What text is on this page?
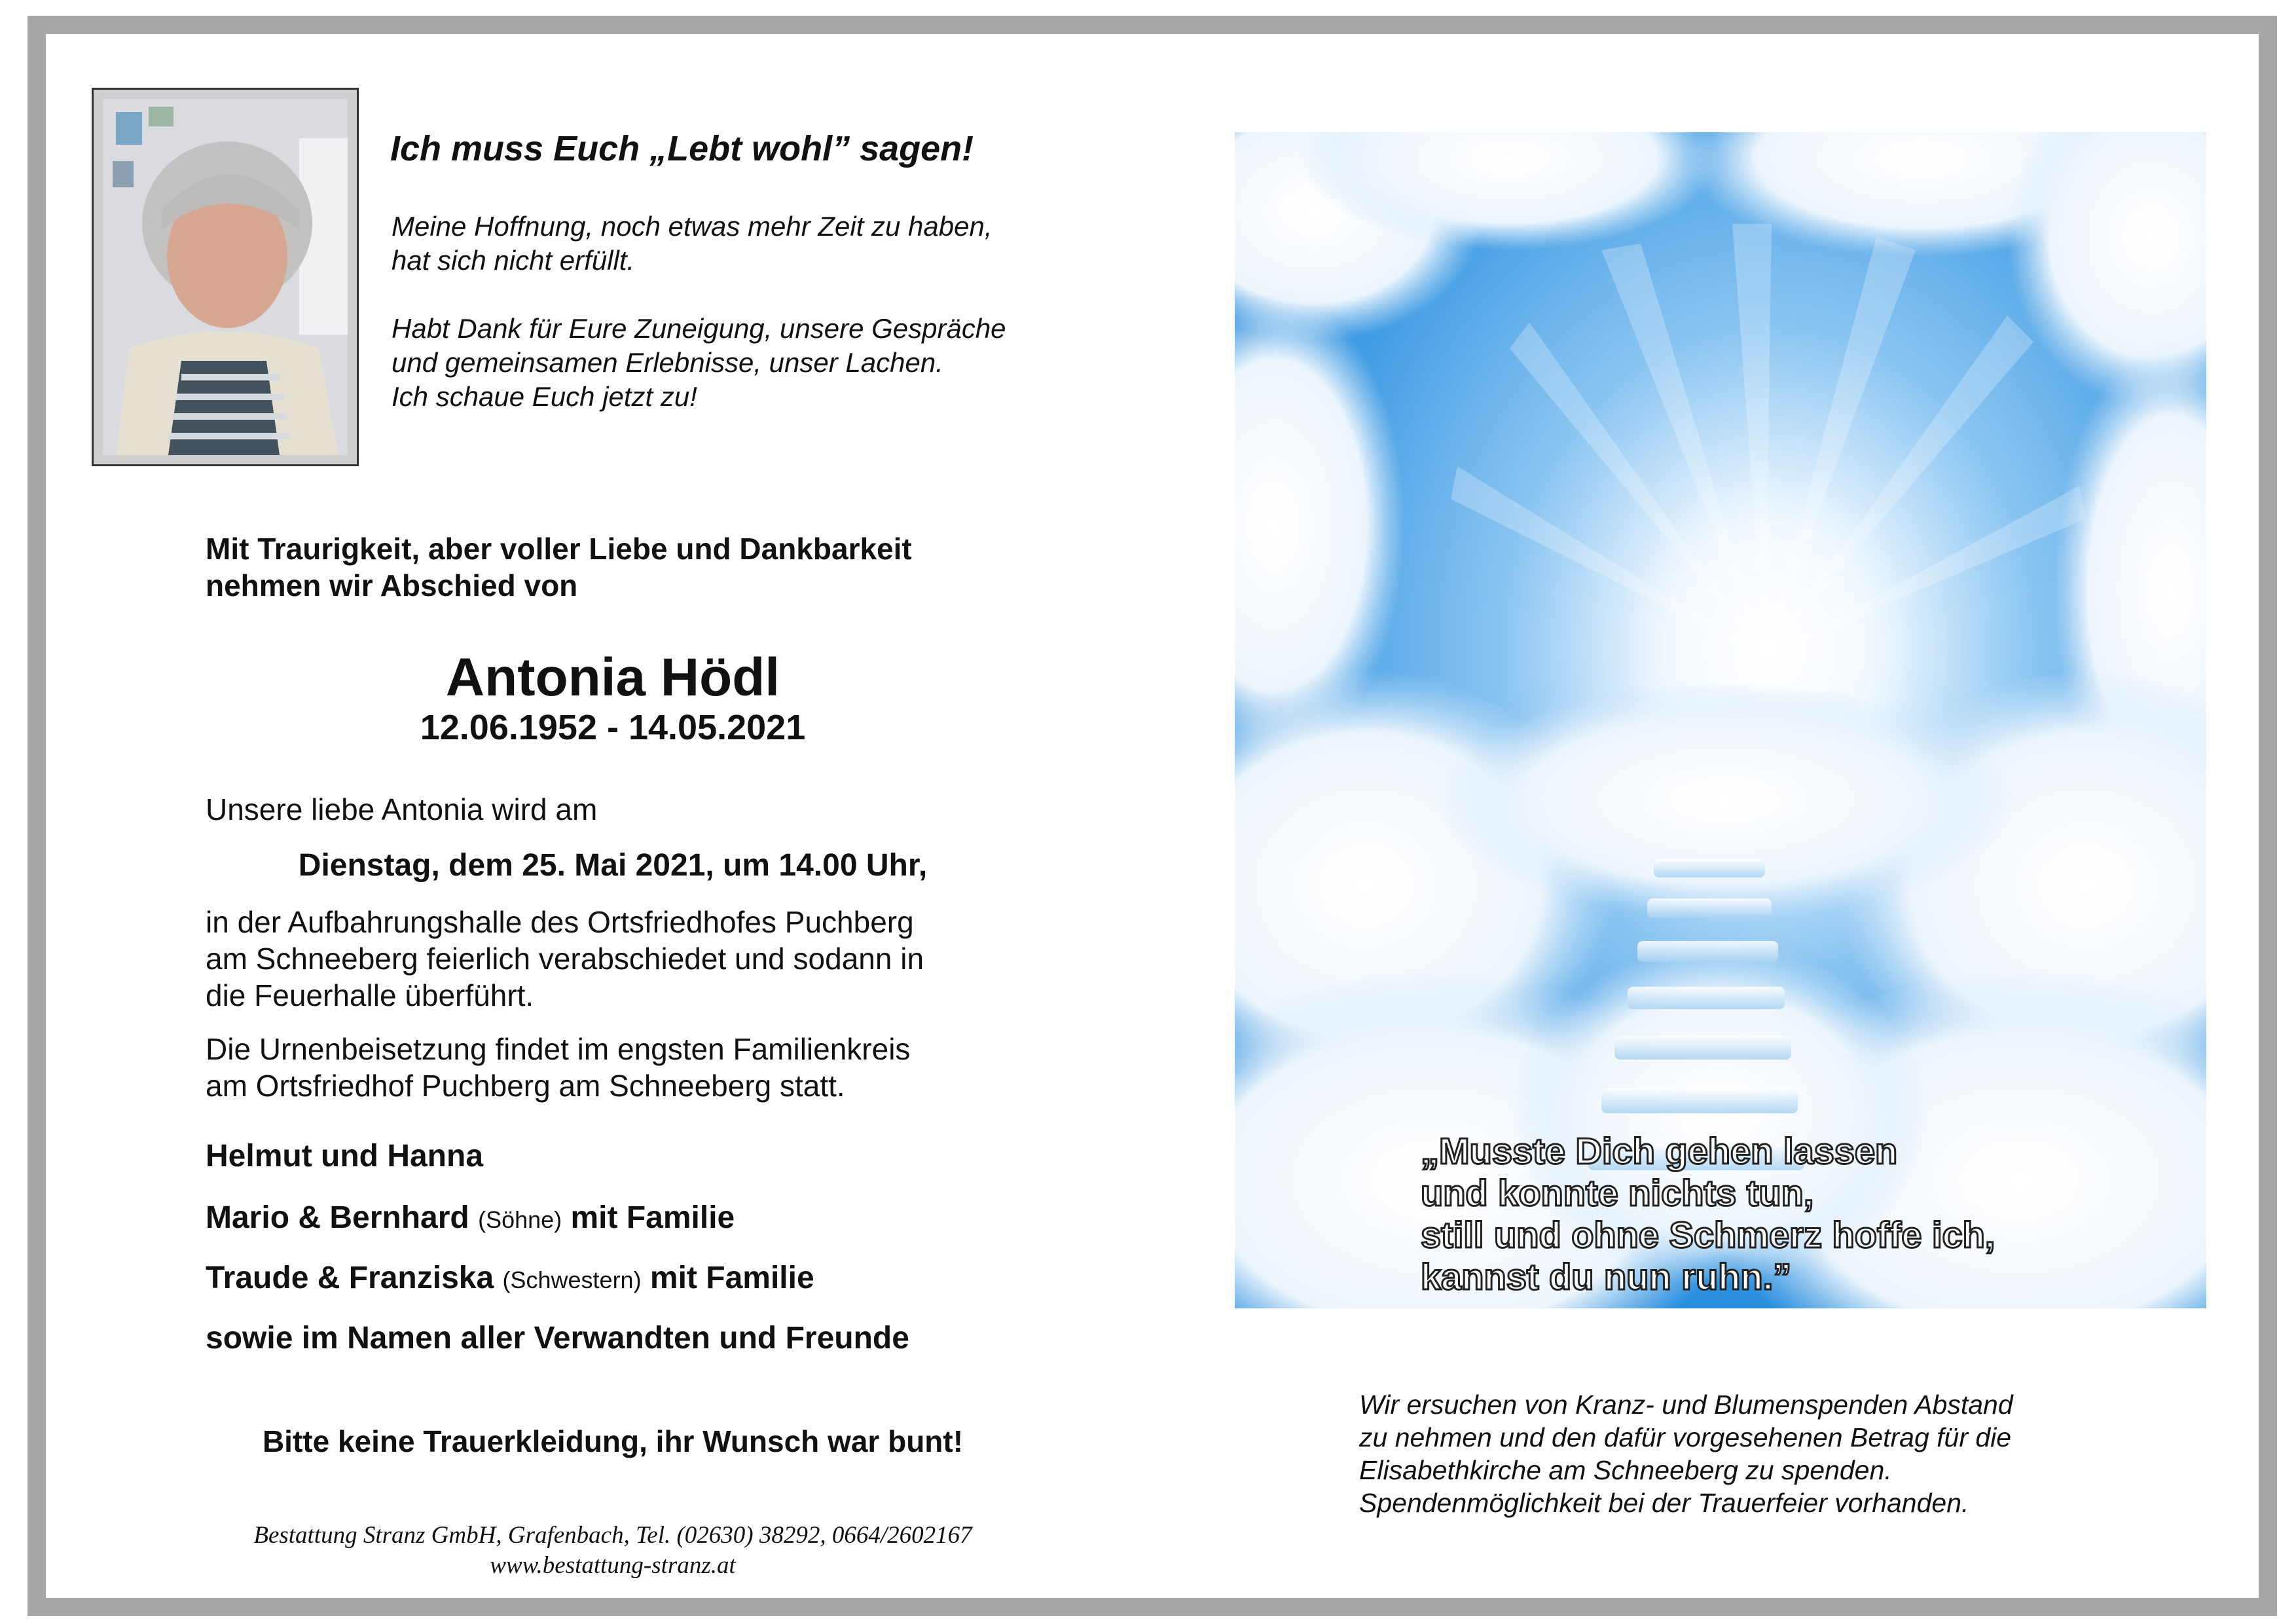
Ich muss Euch „Lebt wohl” sagen!
Meine Hoffnung, noch etwas mehr Zeit zu haben,
hat sich nicht erfüllt.
Habt Dank für Eure Zuneigung, unsere Gespräche
und gemeinsamen Erlebnisse, unser Lachen.
Ich schaue Euch jetzt zu!
Mit Traurigkeit, aber voller Liebe und Dankbarkeit
nehmen wir Abschied von
Antonia Hödl
12.06.1952 - 14.05.2021
Unsere liebe Antonia wird am
Dienstag, dem 25. Mai 2021, um 14.00 Uhr,
in der Aufbahrungshalle des Ortsfriedhofes Puchberg
am Schneeberg feierlich verabschiedet und sodann in
die Feuerhalle überführt.
Die Urnenbeisetzung findet im engsten Familienkreis
am Ortsfriedhof Puchberg am Schneeberg statt.
Helmut und Hanna
Mario & Bernhard (Söhne) mit Familie
Traude & Franziska (Schwestern) mit Familie
sowie im Namen aller Verwandten und Freunde
Bitte keine Trauerkleidung, ihr Wunsch war bunt!
Bestattung Stranz GmbH, Grafenbach, Tel. (02630) 38292, 0664/2602167
www.bestattung-stranz.at
„Musste Dich gehen lassen
und konnte nichts tun,
still und ohne Schmerz hoffe ich,
kannst du nun ruhn.”
Wir ersuchen von Kranz- und Blumenspenden Abstand
zu nehmen und den dafür vorgesehenen Betrag für die
Elisabethkirche am Schneeberg zu spenden.
Spendenmöglichkeit bei der Trauerfeier vorhanden.
